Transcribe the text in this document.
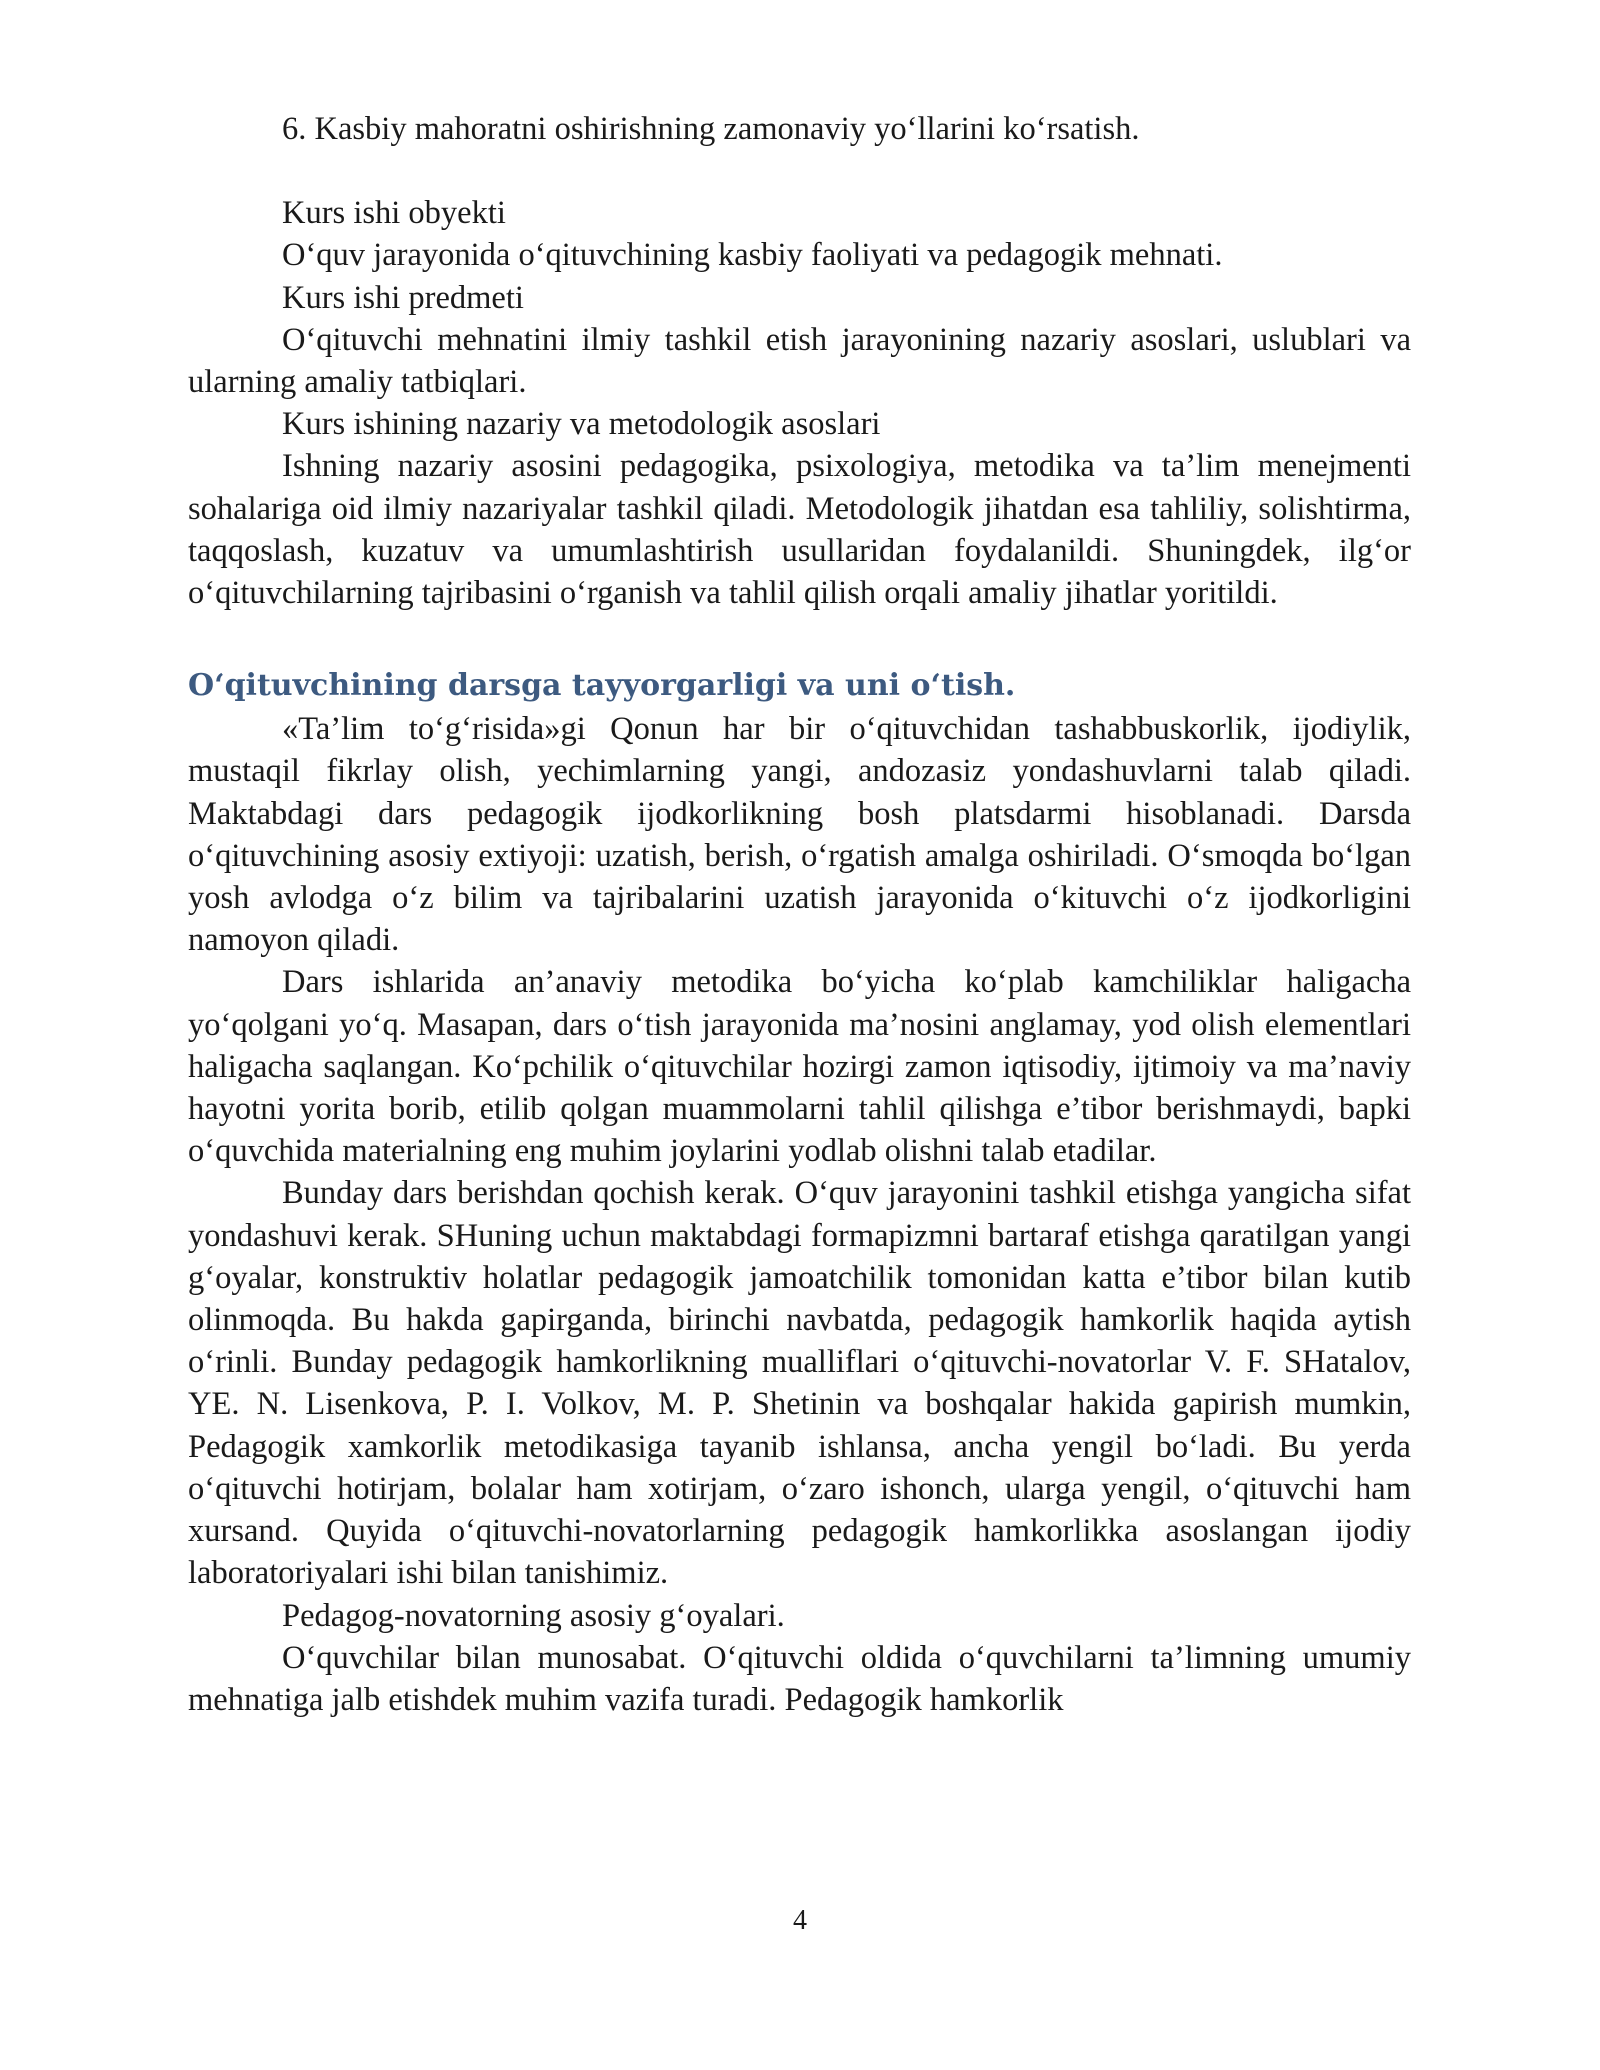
6. Kasbiy mahoratni oshirishning zamonaviy yo‘llarini ko‘rsatish.

Kurs ishi obyekti

O‘quv jarayonida o‘qituvchining kasbiy faoliyati va pedagogik mehnati.

Kurs ishi predmeti

O‘qituvchi mehnatini ilmiy tashkil etish jarayonining nazariy asoslari, uslublari va ularning amaliy tatbiqlari.

Kurs ishining nazariy va metodologik asoslari

Ishning nazariy asosini pedagogika, psixologiya, metodika va ta’lim menejmenti sohalariga oid ilmiy nazariyalar tashkil qiladi. Metodologik jihatdan esa tahliliy, solishtirma, taqqoslash, kuzatuv va umumlashtirish usullaridan foydalanildi. Shuningdek, ilg‘or o‘qituvchilarning tajribasini o‘rganish va tahlil qilish orqali amaliy jihatlar yoritildi.

O‘qituvchining darsga tayyorgarligi va uni o‘tish.

«Ta’lim to‘g‘risida»gi Qonun har bir o‘qituvchidan tashabbuskorlik, ijodiylik, mustaqil fikrlay olish, yechimlarning yangi, andozasiz yondashuvlarni talab qiladi. Maktabdagi dars pedagogik ijodkorlikning bosh platsdarmi hisoblanadi. Darsda o‘qituvchining asosiy extiyoji: uzatish, berish, o‘rgatish amalga oshiriladi. O‘smoqda bo‘lgan yosh avlodga o‘z bilim va tajribalarini uzatish jarayonida o‘kituvchi o‘z ijodkorligini namoyon qiladi.

Dars ishlarida an’anaviy metodika bo‘yicha ko‘plab kamchiliklar haligacha yo‘qolgani yo‘q. Masapan, dars o‘tish jarayonida ma’nosini anglamay, yod olish elementlari haligacha saqlangan. Ko‘pchilik o‘qituvchilar hozirgi zamon iqtisodiy, ijtimoiy va ma’naviy hayotni yorita borib, etilib qolgan muammolarni tahlil qilishga e’tibor berishmaydi, bapki o‘quvchida materialning eng muhim joylarini yodlab olishni talab etadilar.

Bunday dars berishdan qochish kerak. O‘quv jarayonini tashkil etishga yangicha sifat yondashuvi kerak. SHuning uchun maktabdagi formapizmni bartaraf etishga qaratilgan yangi g‘oyalar, konstruktiv holatlar pedagogik jamoatchilik tomonidan katta e’tibor bilan kutib olinmoqda. Bu hakda gapirganda, birinchi navbatda, pedagogik hamkorlik haqida aytish o‘rinli. Bunday pedagogik hamkorlikning mualliflari o‘qituvchi-novatorlar V. F. SHatalov, YE. N. Lisenkova, P. I. Volkov, M. P. Shetinin va boshqalar hakida gapirish mumkin, Pedagogik xamkorlik metodikasiga tayanib ishlansa, ancha yengil bo‘ladi. Bu yerda o‘qituvchi hotirjam, bolalar ham xotirjam, o‘zaro ishonch, ularga yengil, o‘qituvchi ham xursand. Quyida o‘qituvchi-novatorlarning pedagogik hamkorlikka asoslangan ijodiy laboratoriyalari ishi bilan tanishimiz.

Pedagog-novatorning asosiy g‘oyalari.

O‘quvchilar bilan munosabat. O‘qituvchi oldida o‘quvchilarni ta’limning umumiy mehnatiga jalb etishdek muhim vazifa turadi. Pedagogik hamkorlik

4
